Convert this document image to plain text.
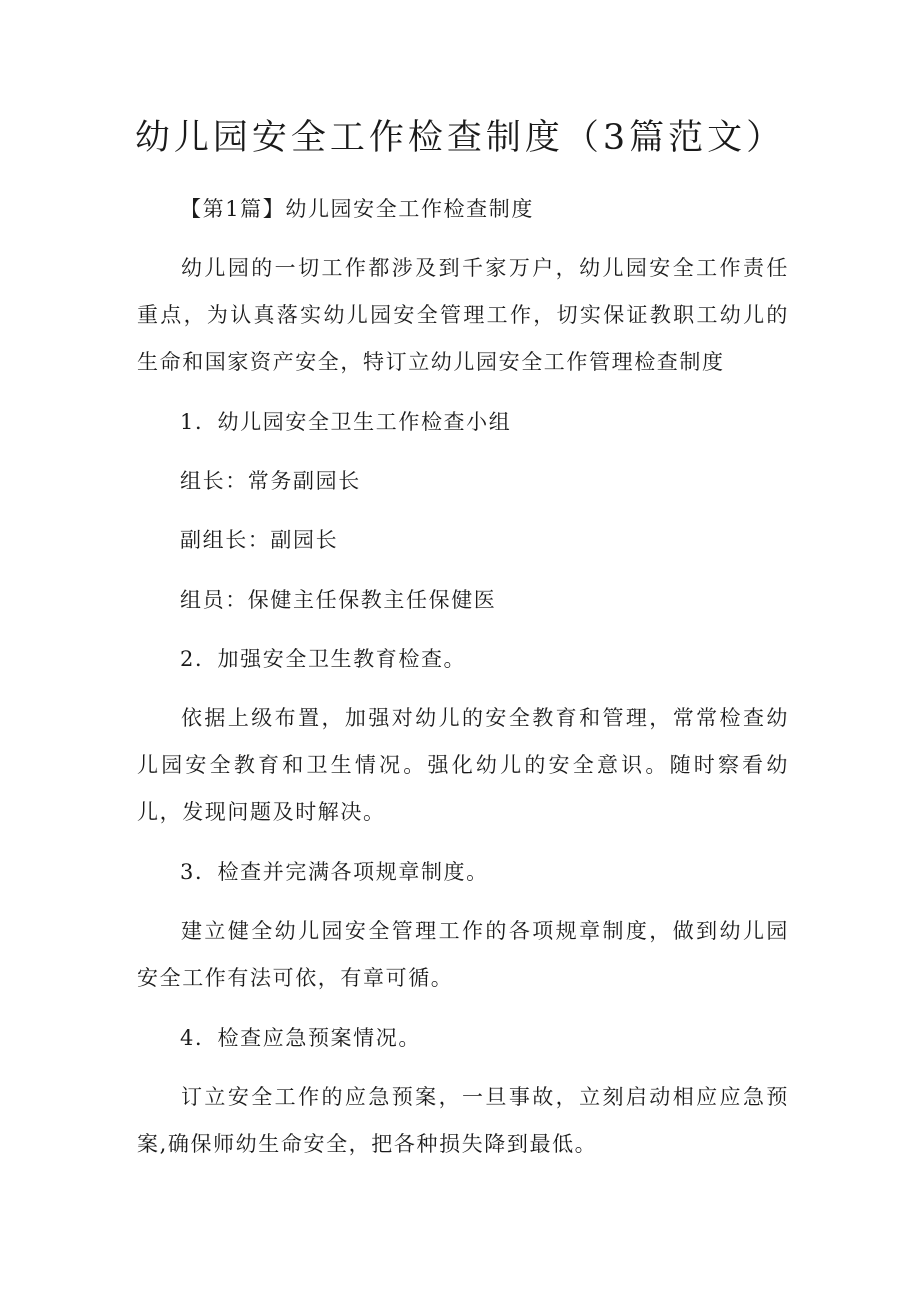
幼儿园安全工作检查制度（3篇范文）
【第1篇】幼儿园安全工作检查制度
幼儿园的一切工作都涉及到千家万户，幼儿园安全工作责任重点，为认真落实幼儿园安全管理工作，切实保证教职工幼儿的生命和国家资产安全，特订立幼儿园安全工作管理检查制度
1．幼儿园安全卫生工作检查小组
组长：常务副园长
副组长：副园长
组员：保健主任保教主任保健医
2．加强安全卫生教育检查。
依据上级布置，加强对幼儿的安全教育和管理，常常检查幼儿园安全教育和卫生情况。强化幼儿的安全意识。随时察看幼儿，发现问题及时解决。
3．检查并完满各项规章制度。
建立健全幼儿园安全管理工作的各项规章制度，做到幼儿园安全工作有法可依，有章可循。
4．检查应急预案情况。
订立安全工作的应急预案，一旦事故，立刻启动相应应急预案,确保师幼生命安全，把各种损失降到最低。
